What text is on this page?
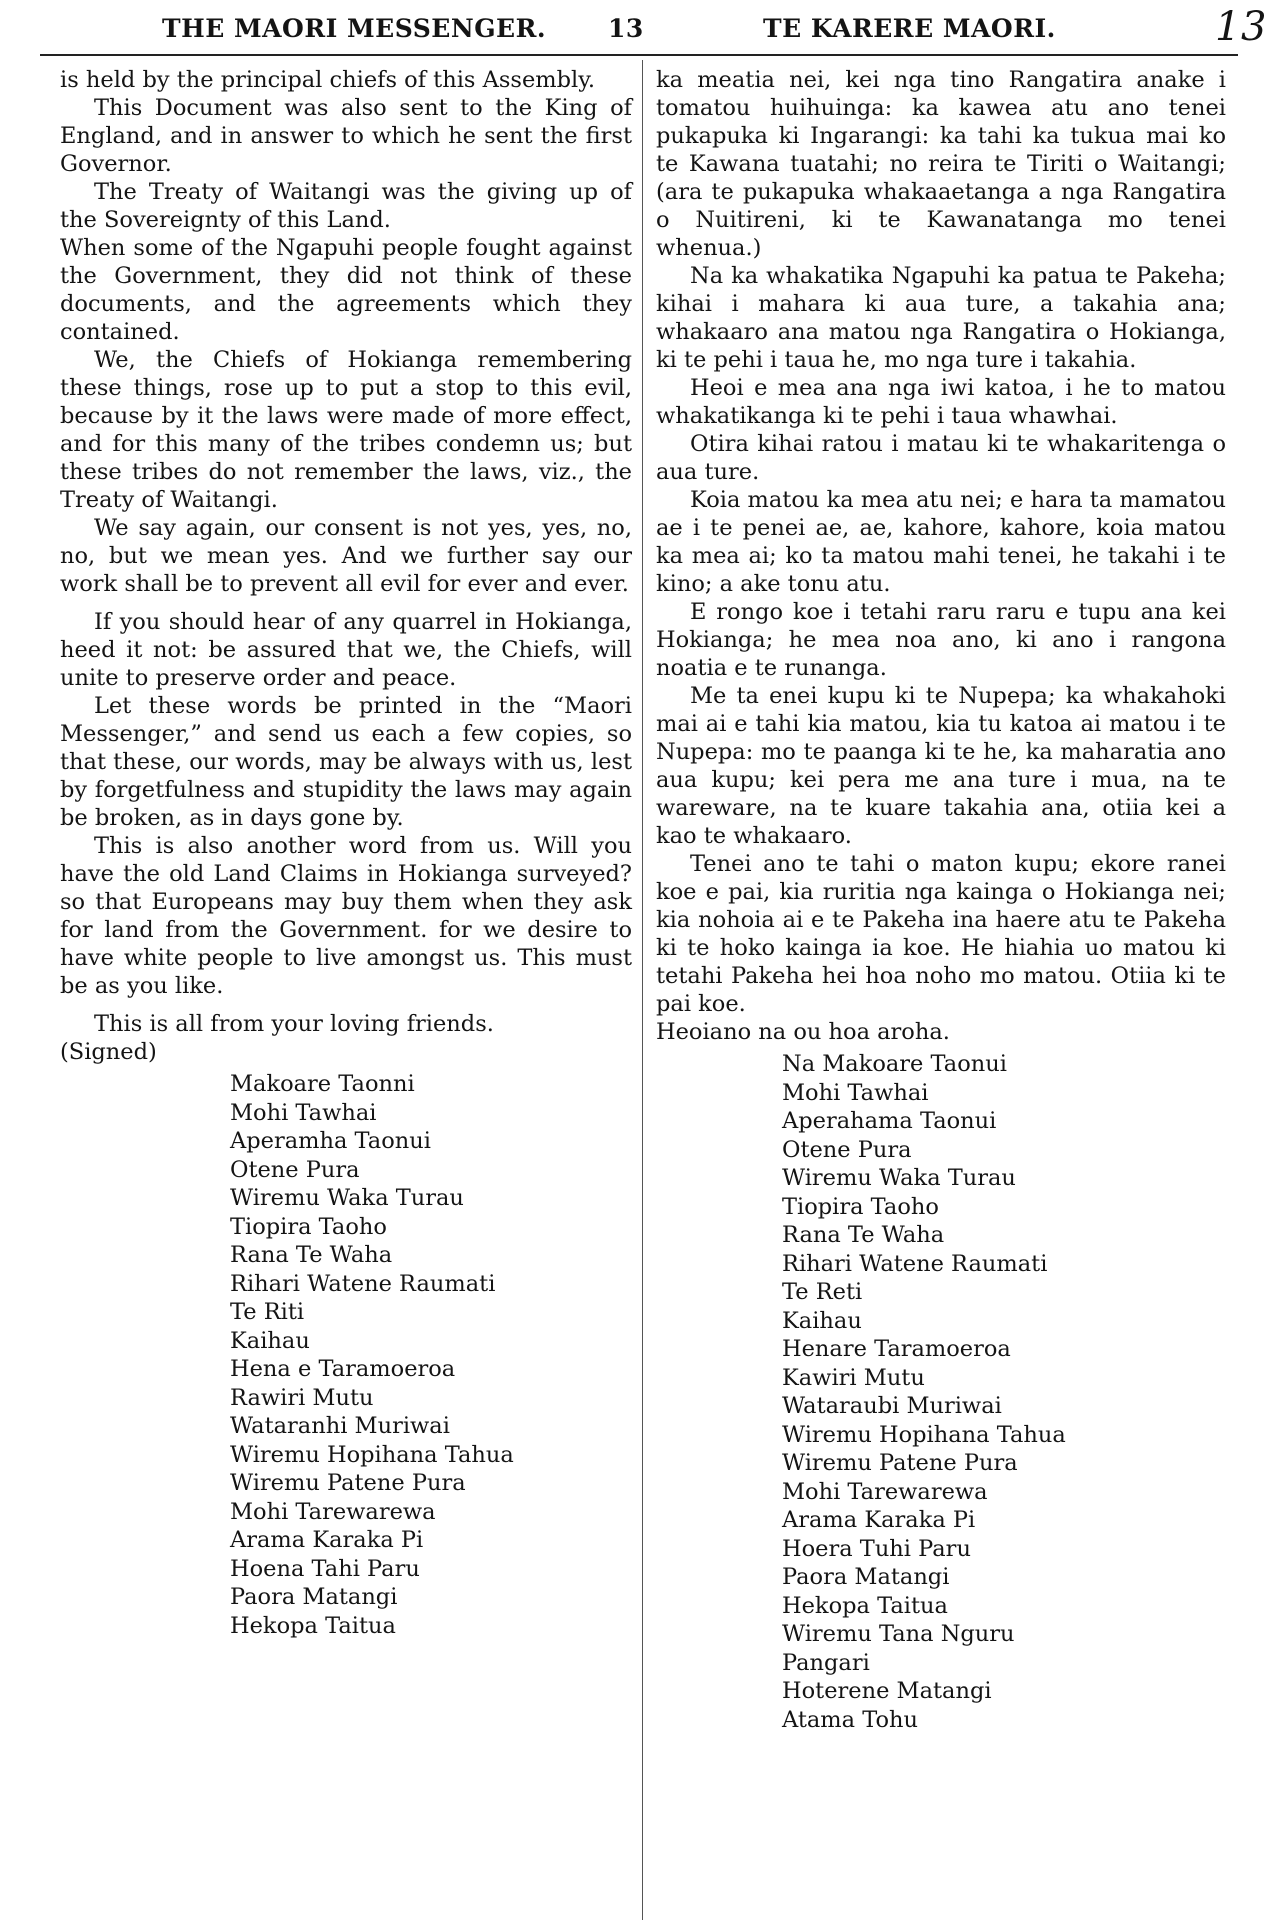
THE MAORI MESSENGER. 13	TE KARERE MAORI.	13

is held by the principal chiefs of this Assembly.

This Document was also sent to the King of England, and in answer to which he sent the first Governor.

The Treaty of Waitangi was the giving up of the Sovereignty of this Land.

When some of the Ngapuhi people fought against the Government, they did not think of these documents, and the agreements which they contained.

We, the Chiefs of Hokianga remembering these things, rose up to put a stop to this evil, because by it the laws were made of more effect, and for this many of the tribes condemn us; but these tribes do not remember the laws, viz., the Treaty of Waitangi.

We say again, our consent is not yes, yes, no, no, but we mean yes. And we further say our work shall be to prevent all evil for ever and ever.

If you should hear of any quarrel in Hokianga, heed it not: be assured that we, the Chiefs, will unite to preserve order and peace.

Let these words be printed in the “Maori Messenger,” and send us each a few copies, so that these, our words, may be always with us, lest by forgetfulness and stupidity the laws may again be broken, as in days gone by.

This is also another word from us. Will you have the old Land Claims in Hokianga surveyed? so that Europeans may buy them when they ask for land from the Government. for we desire to have white people to live amongst us. This must be as you like.

This is all from your loving friends.

(Signed)

Makoare Taonni
Mohi Tawhai
Aperamha Taonui
Otene Pura
Wiremu Waka Turau
Tiopira Taoho
Rana Te Waha
Rihari Watene Raumati
Te Riti
Kaihau
Hena e Taramoeroa
Rawiri Mutu
Wataranhi Muriwai
Wiremu Hopihana Tahua
Wiremu Patene Pura
Mohi Tarewarewa
Arama Karaka Pi
Hoena Tahi Paru
Paora Matangi
Hekopa Taitua

ka meatia nei, kei nga tino Rangatira anake i tomatou huihuinga: ka kawea atu ano tenei pukapuka ki Ingarangi: ka tahi ka tukua mai ko te Kawana tuatahi; no reira te Tiriti o Waitangi; (ara te pukapuka whakaaetanga a nga Rangatira o Nuitireni, ki te Kawanatanga mo tenei whenua.)

Na ka whakatika Ngapuhi ka patua te Pakeha; kihai i mahara ki aua ture, a takahia ana; whakaaro ana matou nga Rangatira o Hokianga, ki te pehi i taua he, mo nga ture i takahia.

Heoi e mea ana nga iwi katoa, i he to matou whakatikanga ki te pehi i taua whawhai.

Otira kihai ratou i matau ki te whakaritenga o aua ture.

Koia matou ka mea atu nei; e hara ta mamatou ae i te penei ae, ae, kahore, kahore, koia matou ka mea ai; ko ta matou mahi tenei, he takahi i te kino; a ake tonu atu.

E rongo koe i tetahi raru raru e tupu ana kei Hokianga; he mea noa ano, ki ano i rangona noatia e te runanga.

Me ta enei kupu ki te Nupepa; ka whakahoki mai ai e tahi kia matou, kia tu katoa ai matou i te Nupepa: mo te paanga ki te he, ka maharatia ano aua kupu; kei pera me ana ture i mua, na te wareware, na te kuare takahia ana, otiia kei a kao te whakaaro.

Tenei ano te tahi o maton kupu; ekore ranei koe e pai, kia ruritia nga kainga o Hokianga nei; kia nohoia ai e te Pakeha ina haere atu te Pakeha ki te hoko kainga ia koe. He hiahia uo matou ki tetahi Pakeha hei hoa noho mo matou. Otiia ki te pai koe.

Heoiano na ou hoa aroha.

Na Makoare Taonui
Mohi Tawhai
Aperahama Taonui
Otene Pura
Wiremu Waka Turau
Tiopira Taoho
Rana Te Waha
Rihari Watene Raumati
Te Reti
Kaihau
Henare Taramoeroa
Kawiri Mutu
Wataraubi Muriwai
Wiremu Hopihana Tahua
Wiremu Patene Pura
Mohi Tarewarewa
Arama Karaka Pi
Hoera Tuhi Paru
Paora Matangi
Hekopa Taitua
Wiremu Tana Nguru
Pangari
Hoterene Matangi
Atama Tohu
